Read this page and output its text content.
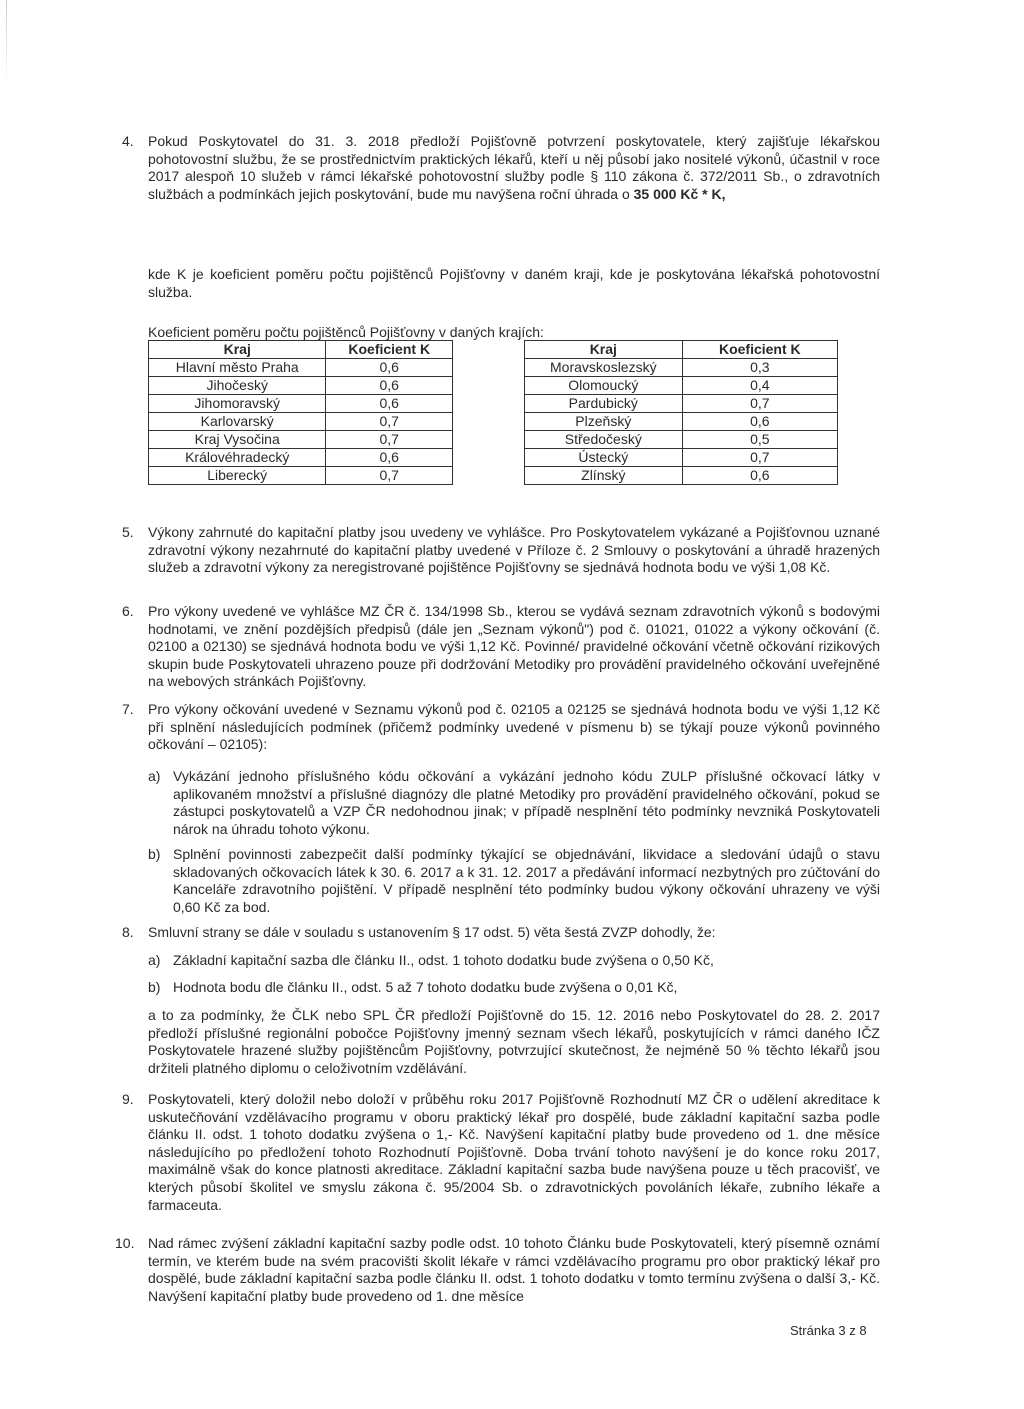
4.	Pokud Poskytovatel do 31. 3. 2018 předloží Pojišťovně potvrzení poskytovatele, který zajišťuje lékařskou pohotovostní službu, že se prostřednictvím praktických lékařů, kteří u něj působí jako nositelé výkonů, účastnil v roce 2017 alespoň 10 služeb v rámci lékařské pohotovostní služby podle § 110 zákona č. 372/2011 Sb., o zdravotních službách a podmínkách jejich poskytování, bude mu navýšena roční úhrada o 35 000 Kč * K,
kde K je koeficient poměru počtu pojištěnců Pojišťovny v daném kraji, kde je poskytována lékařská pohotovostní služba.
Koeficient poměru počtu pojištěnců Pojišťovny v daných krajích:
Kraj	Koeficient K
Hlavní město Praha	0,6
Jihočeský	0,6
Jihomoravský	0,6
Karlovarský	0,7
Kraj Vysočina	0,7
Královéhradecký	0,6
Liberecký	0,7
Kraj	Koeficient K
Moravskoslezský	0,3
Olomoucký	0,4
Pardubický	0,7
Plzeňský	0,6
Středočeský	0,5
Ústecký	0,7
Zlínský	0,6
5.	Výkony zahrnuté do kapitační platby jsou uvedeny ve vyhlášce. Pro Poskytovatelem vykázané a Pojišťovnou uznané zdravotní výkony nezahrnuté do kapitační platby uvedené v Příloze č. 2 Smlouvy o poskytování a úhradě hrazených služeb a zdravotní výkony za neregistrované pojištěnce Pojišťovny se sjednává hodnota bodu ve výši 1,08 Kč.
6.	Pro výkony uvedené ve vyhlášce MZ ČR č. 134/1998 Sb., kterou se vydává seznam zdravotních výkonů s bodovými hodnotami, ve znění pozdějších předpisů (dále jen „Seznam výkonů") pod č. 01021, 01022 a výkony očkování (č. 02100 a 02130) se sjednává hodnota bodu ve výši 1,12 Kč. Povinné/ pravidelné očkování včetně očkování rizikových skupin bude Poskytovateli uhrazeno pouze při dodržování Metodiky pro provádění pravidelného očkování uveřejněné na webových stránkách Pojišťovny.
7.	Pro výkony očkování uvedené v Seznamu výkonů pod č. 02105 a 02125 se sjednává hodnota bodu ve výši 1,12 Kč při splnění následujících podmínek (přičemž podmínky uvedené v písmenu b) se týkají pouze výkonů povinného očkování – 02105):
a) Vykázání jednoho příslušného kódu očkování a vykázání jednoho kódu ZULP příslušné očkovací látky v aplikovaném množství a příslušné diagnózy dle platné Metodiky pro provádění pravidelného očkování, pokud se zástupci poskytovatelů a VZP ČR nedohodnou jinak; v případě nesplnění této podmínky nevzniká Poskytovateli nárok na úhradu tohoto výkonu.
b) Splnění povinnosti zabezpečit další podmínky týkající se objednávání, likvidace a sledování údajů o stavu skladovaných očkovacích látek k 30. 6. 2017 a k 31. 12. 2017 a předávání informací nezbytných pro zúčtování do Kanceláře zdravotního pojištění. V případě nesplnění této podmínky budou výkony očkování uhrazeny ve výši 0,60 Kč za bod.
8.	Smluvní strany se dále v souladu s ustanovením § 17 odst. 5) věta šestá ZVZP dohodly, že:
a) Základní kapitační sazba dle článku II., odst. 1 tohoto dodatku bude zvýšena o 0,50 Kč,
b) Hodnota bodu dle článku II., odst. 5 až 7 tohoto dodatku bude zvýšena o 0,01 Kč,
a to za podmínky, že ČLK nebo SPL ČR předloží Pojišťovně do 15. 12. 2016 nebo Poskytovatel do 28. 2. 2017 předloží příslušné regionální pobočce Pojišťovny jmenný seznam všech lékařů, poskytujících v rámci daného IČZ Poskytovatele hrazené služby pojištěncům Pojišťovny, potvrzující skutečnost, že nejméně 50 % těchto lékařů jsou držiteli platného diplomu o celoživotním vzdělávání.
9.	Poskytovateli, který doložil nebo doloží v průběhu roku 2017 Pojišťovně Rozhodnutí MZ ČR o udělení akreditace k uskutečňování vzdělávacího programu v oboru praktický lékař pro dospělé, bude základní kapitační sazba podle článku II. odst. 1 tohoto dodatku zvýšena o 1,- Kč. Navýšení kapitační platby bude provedeno od 1. dne měsíce následujícího po předložení tohoto Rozhodnutí Pojišťovně. Doba trvání tohoto navýšení je do konce roku 2017, maximálně však do konce platnosti akreditace. Základní kapitační sazba bude navýšena pouze u těch pracovišť, ve kterých působí školitel ve smyslu zákona č. 95/2004 Sb. o zdravotnických povoláních lékaře, zubního lékaře a farmaceuta.
10. Nad rámec zvýšení základní kapitační sazby podle odst. 10 tohoto Článku bude Poskytovateli, který písemně oznámí termín, ve kterém bude na svém pracovišti školit lékaře v rámci vzdělávacího programu pro obor praktický lékař pro dospělé, bude základní kapitační sazba podle článku II. odst. 1 tohoto dodatku v tomto termínu zvýšena o další 3,- Kč. Navýšení kapitační platby bude provedeno od 1. dne měsíce
Stránka 3 z 8
